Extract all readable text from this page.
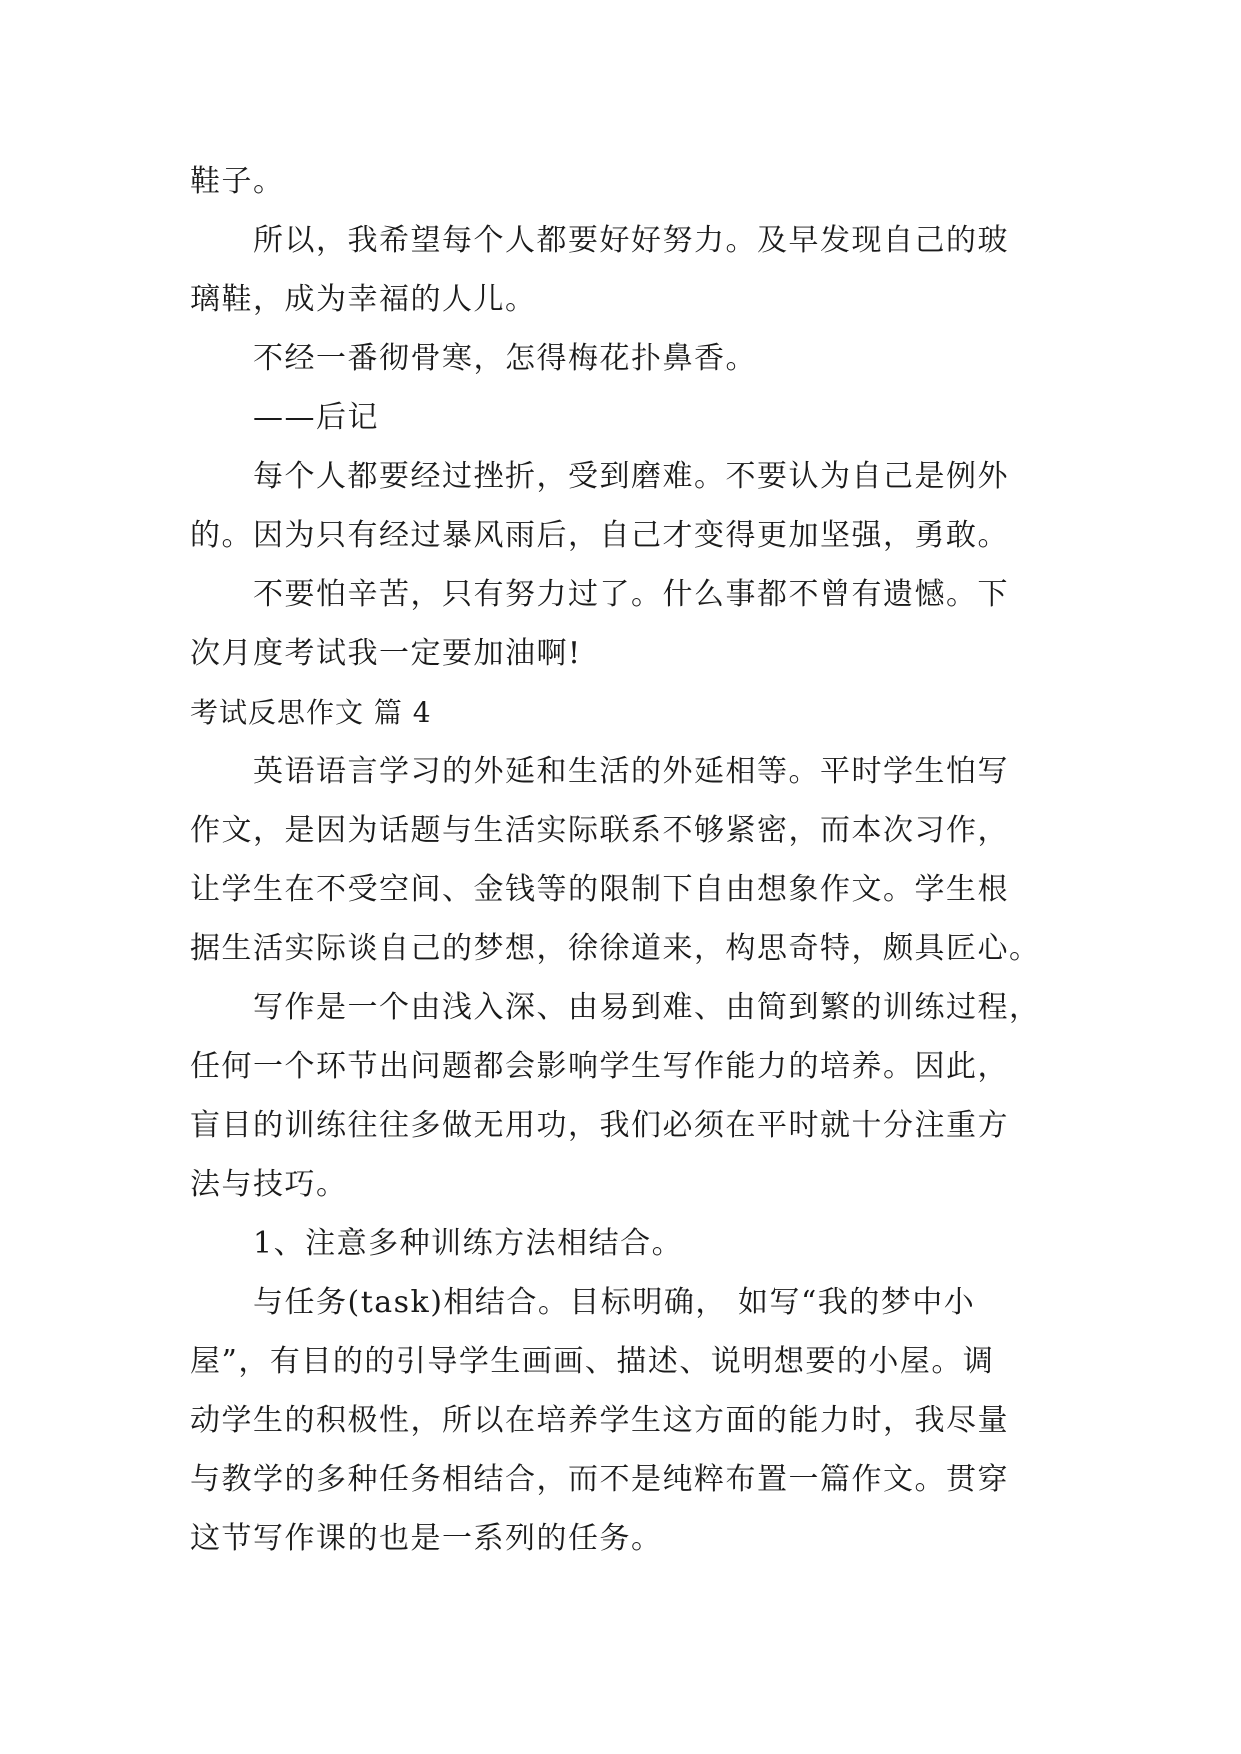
鞋子。
所以，我希望每个人都要好好努力。及早发现自己的玻
璃鞋，成为幸福的人儿。
不经一番彻骨寒，怎得梅花扑鼻香。
——后记
每个人都要经过挫折，受到磨难。不要认为自己是例外
的。因为只有经过暴风雨后，自己才变得更加坚强，勇敢。
不要怕辛苦，只有努力过了。什么事都不曾有遗憾。下
次月度考试我一定要加油啊!
考试反思作文 篇 4
英语语言学习的外延和生活的外延相等。平时学生怕写
作文，是因为话题与生活实际联系不够紧密，而本次习作，
让学生在不受空间、金钱等的限制下自由想象作文。学生根
据生活实际谈自己的梦想，徐徐道来，构思奇特，颇具匠心。
写作是一个由浅入深、由易到难、由简到繁的训练过程，
任何一个环节出问题都会影响学生写作能力的培养。因此，
盲目的训练往往多做无用功，我们必须在平时就十分注重方
法与技巧。
1、注意多种训练方法相结合。
与任务(task)相结合。目标明确， 如写“我的梦中小
屋”，有目的的引导学生画画、描述、说明想要的小屋。调
动学生的积极性，所以在培养学生这方面的能力时，我尽量
与教学的多种任务相结合，而不是纯粹布置一篇作文。贯穿
这节写作课的也是一系列的任务。
